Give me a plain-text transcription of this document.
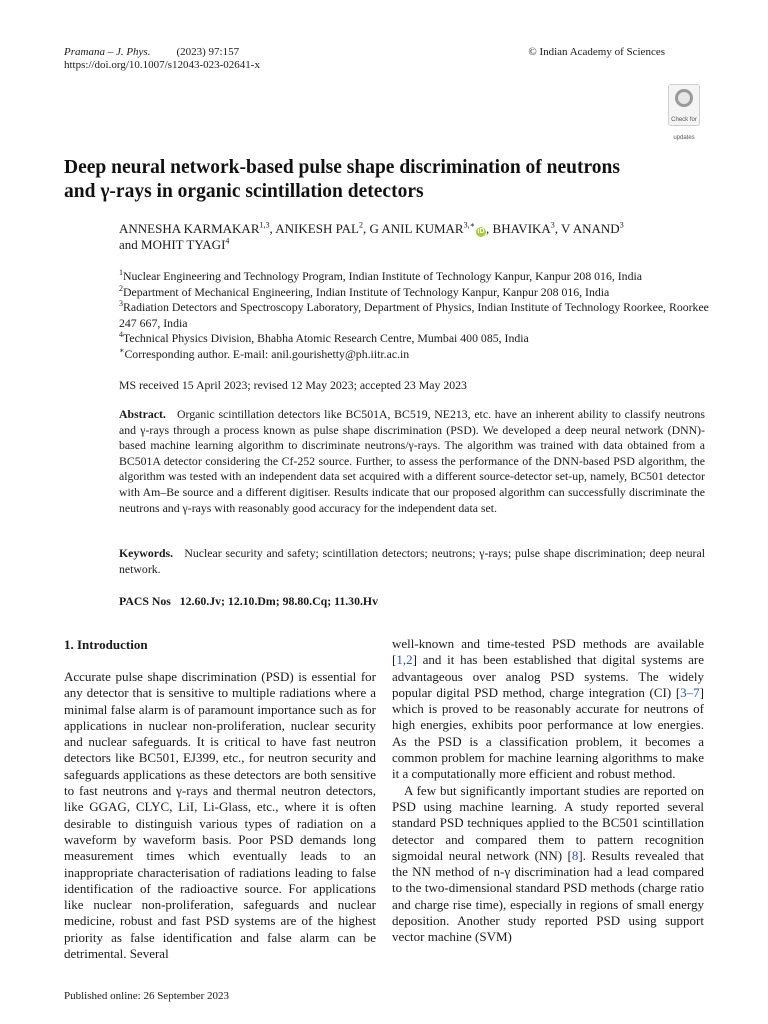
Pramana – J. Phys. (2023) 97:157
https://doi.org/10.1007/s12043-023-02641-x
© Indian Academy of Sciences
Check for
updates
Deep neural network-based pulse shape discrimination of neutrons
and γ-rays in organic scintillation detectors
ANNESHA KARMAKAR$^{1,3}$, ANIKESH PAL$^2$, G ANIL $KUMAR^{3,∗}iD$ , BHAVIKA$^3$, V ANAND$^3$
and MOHIT TYAGI$^4$

$^1$Nuclear Engineering and Technology Program, Indian Institute of Technology Kanpur, Kanpur 208 016, India

$^2$Department of Mechanical Engineering, Indian Institute of Technology Kanpur, Kanpur 208 016, India

$^3$Radiation Detectors and Spectroscopy Laboratory, Department of Physics, Indian Institute of Technology Roorkee, Roorkee 247 667, India

$^4$Technical Physics Division, Bhabha Atomic Research Centre, Mumbai 400 085, India

∗Corresponding author. E-mail: anil.gourishetty@ph.iitr.ac.in

MS received 15 April 2023; revised 12 May 2023; accepted 23 May 2023
Abstract. Organic scintillation detectors like BC501A, BC519, NE213, etc. have an inherent ability to classify neutrons and γ-rays through a process known as pulse shape discrimination (PSD). We developed a deep neural network (DNN)-based machine learning algorithm to discriminate neutrons/γ-rays. The algorithm was trained with data obtained from a BC501A detector considering the Cf-252 source. Further, to assess the performance of the DNN-based PSD algorithm, the algorithm was tested with an independent data set acquired with a different source-detector set-up, namely, BC501 detector with Am–Be source and a different digitiser. Results indicate that our proposed algorithm can successfully discriminate the neutrons and γ-rays with reasonably good accuracy for the independent data set.
Keywords. Nuclear security and safety; scintillation detectors; neutrons; γ-rays; pulse shape discrimination; deep neural network.
PACS Nos 12.60.Jv; 12.10.Dm; 98.80.Cq; 11.30.Hv
1. Introduction

Accurate pulse shape discrimination (PSD) is essential for any detector that is sensitive to multiple radiations where a minimal false alarm is of paramount importance such as for applications in nuclear non-proliferation, nuclear security and nuclear safeguards. It is critical to have fast neutron detectors like BC501, EJ399, etc., for neutron security and safeguards applications as these detectors are both sensitive to fast neutrons and γ-rays and thermal neutron detectors, like GGAG, CLYC, LiI, Li-Glass, etc., where it is often desirable to distinguish various types of radiation on a waveform by waveform basis. Poor PSD demands long measurement times which eventually leads to an inappropriate characterisation of radiations leading to false identification of the radioactive source. For applications like nuclear non-proliferation, safeguards and nuclear medicine, robust and fast PSD systems are of the highest priority as false identification and false alarm can be detrimental. Several

well-known and time-tested PSD methods are available [1,2] and it has been established that digital systems are advantageous over analog PSD systems. The widely popular digital PSD method, charge integration (CI) [3–7] which is proved to be reasonably accurate for neutrons of high energies, exhibits poor performance at low energies. As the PSD is a classification problem, it becomes a common problem for machine learning algorithms to make it a computationally more efficient and robust method.

A few but significantly important studies are reported on PSD using machine learning. A study reported several standard PSD techniques applied to the BC501 scintillation detector and compared them to pattern recognition sigmoidal neural network (NN) [8]. Results revealed that the NN method of n-γ discrimination had a lead compared to the two-dimensional standard PSD methods (charge ratio and charge rise time), especially in regions of small energy deposition. Another study reported PSD using support vector machine (SVM)

Published online: 26 September 2023
